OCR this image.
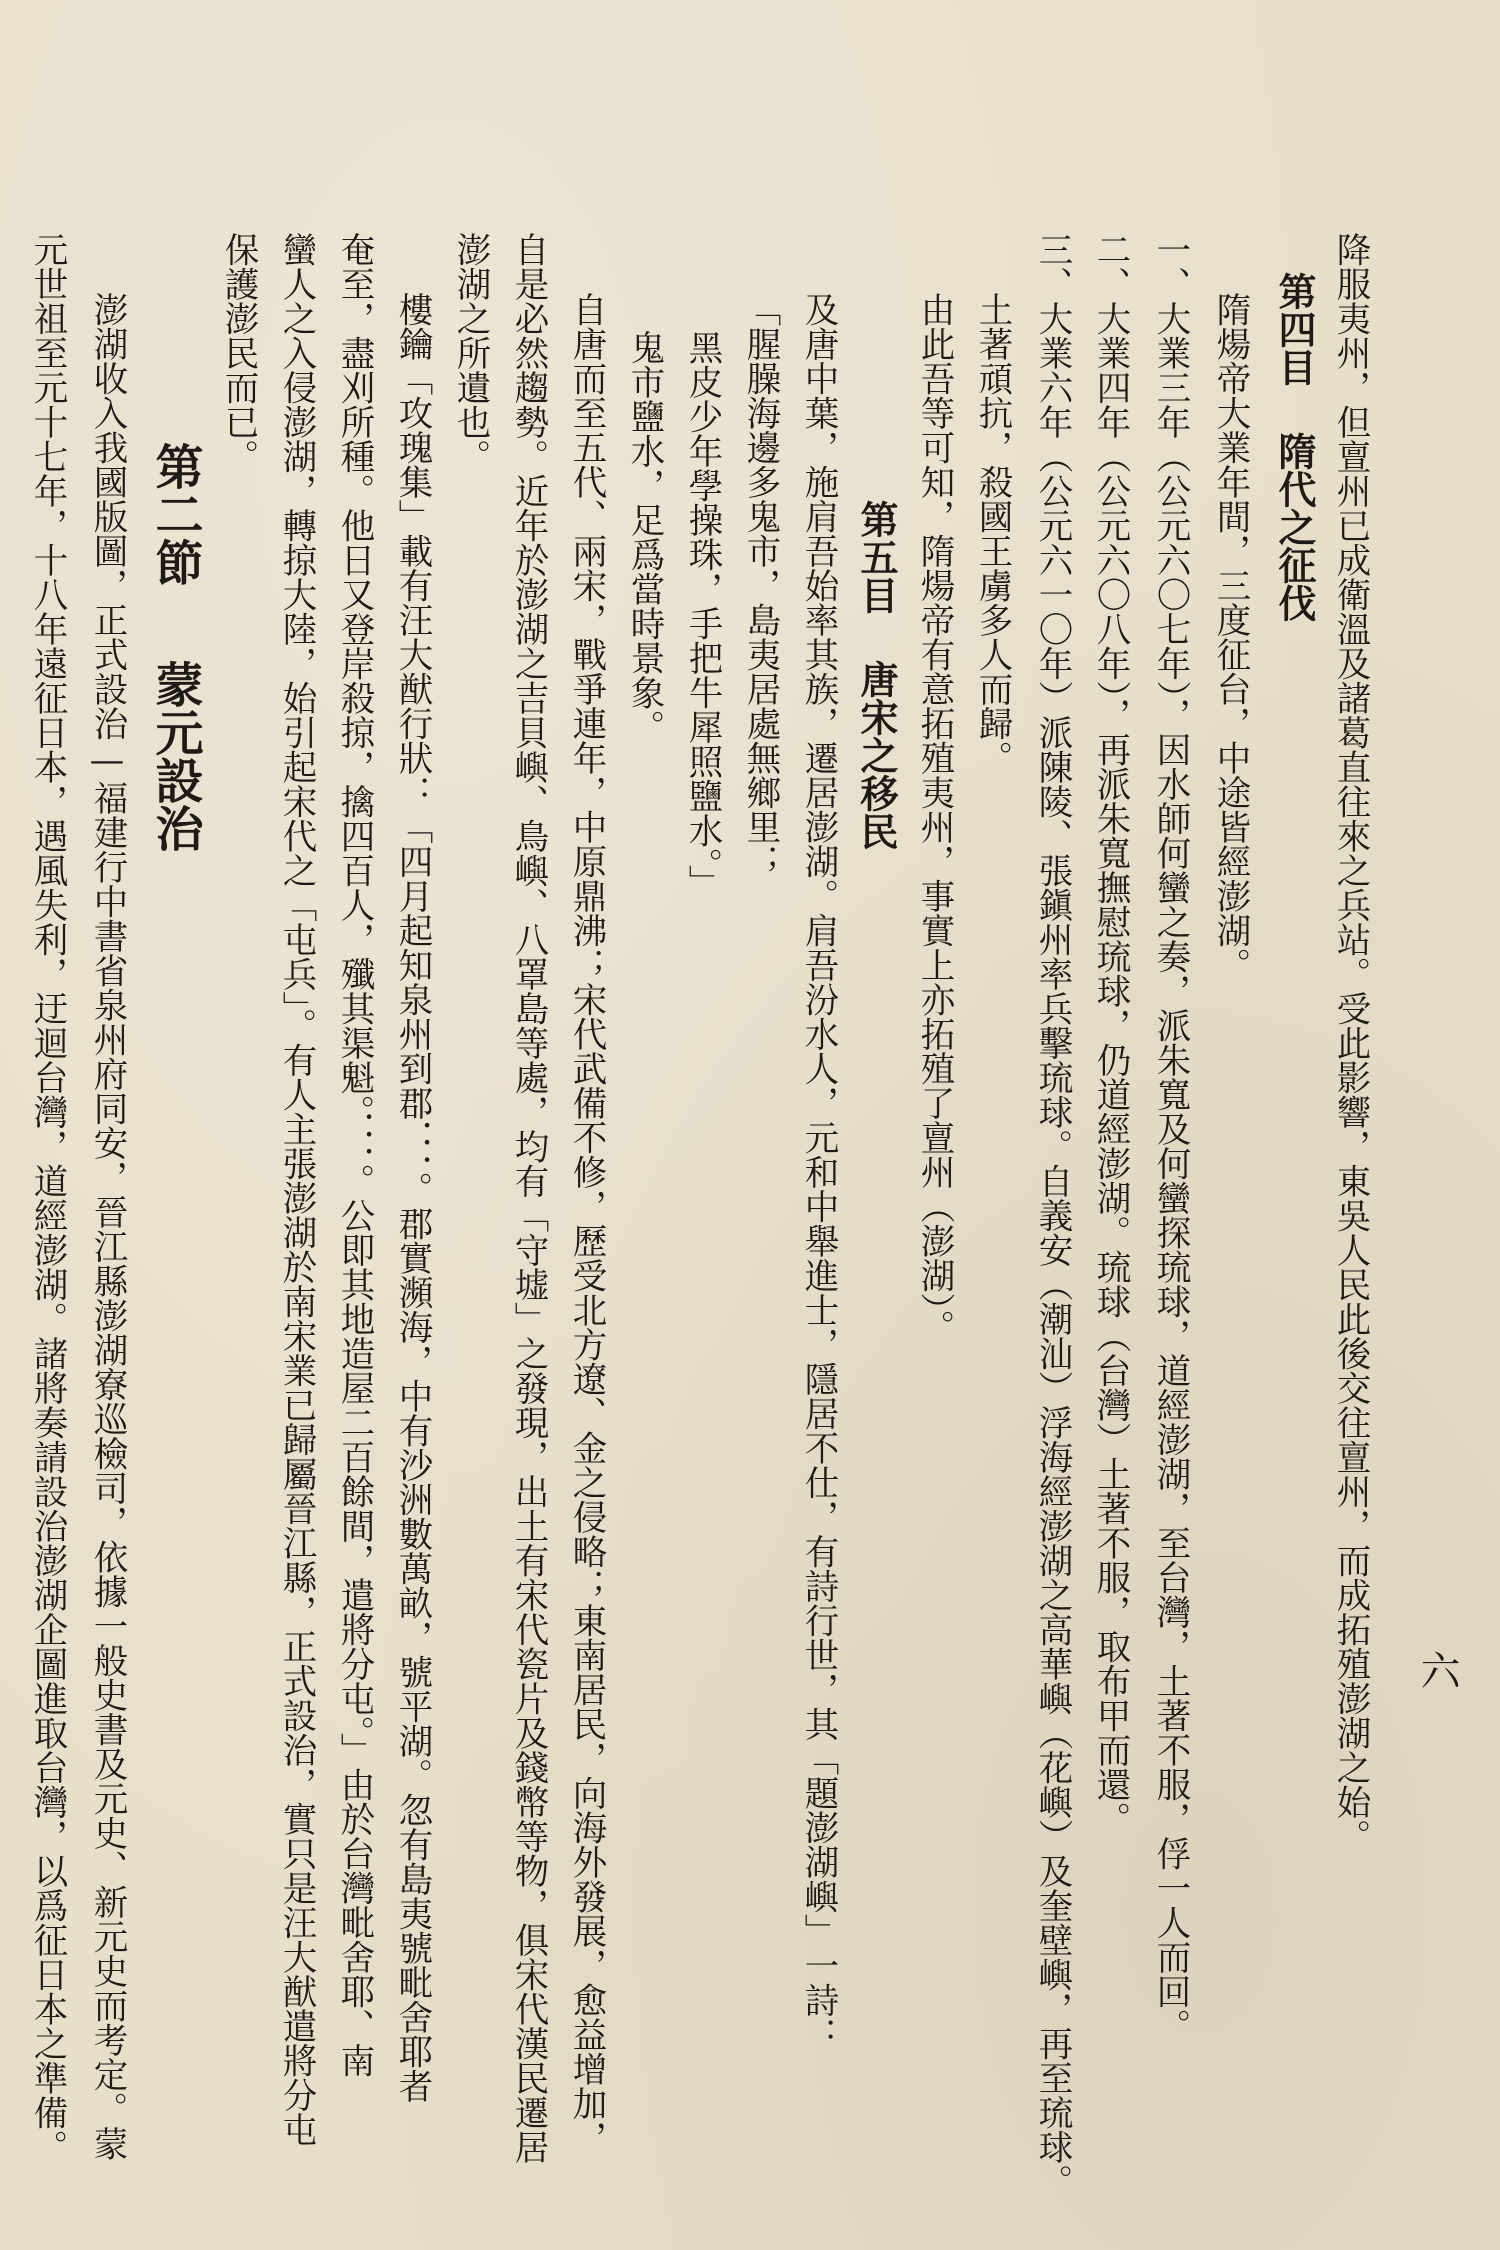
六
降服夷州，但亶州已成衛溫及諸葛直往來之兵站。受此影響，東吳人民此後交往亶州，而成拓殖澎湖之始。
第四目
隋代之征伐
隋煬帝大業年間，三度征台，中途皆經澎湖。
一、大業三年（公元六〇七年），因水師何蠻之奏，派朱寬及何蠻探琉球，道經澎湖，至台灣，土著不服，俘一人而回。
二、大業四年（公元六〇八年），再派朱寬撫慰琉球，仍道經澎湖。琉球（台灣）土著不服，取布甲而還。
三、大業六年（公元六一〇年）派陳陵、張鎭州率兵擊琉球。自義安（潮汕）浮海經澎湖之高華嶼（花嶼）及奎壁嶼，再至琉球。
土著頑抗，殺國王虜多人而歸。
由此吾等可知，隋煬帝有意拓殖夷州，事實上亦拓殖了亶州（澎湖）。
第五目
唐宋之移民
及唐中葉，施肩吾始率其族，遷居澎湖。肩吾汾水人，元和中舉進士，隱居不仕，有詩行世，其「題澎湖嶼」一詩：
「腥臊海邊多鬼市，島夷居處無鄉里；
黑皮少年學操珠，手把牛犀照鹽水。」
鬼市鹽水，足爲當時景象。
自唐而至五代、兩宋，戰爭連年，中原鼎沸；宋代武備不修，歷受北方遼、金之侵略；東南居民，向海外發展，愈益增加，
自是必然趨勢。近年於澎湖之吉貝嶼、鳥嶼、八罩島等處，均有「守墟」之發現，出土有宋代瓷片及錢幣等物，俱宋代漢民遷居
澎湖之所遺也。
樓鑰「攻瑰集」載有汪大猷行狀：「四月起知泉州到郡．．．。郡實瀕海，中有沙洲數萬畝，號平湖。忽有島夷號毗舍耶者
奄至，盡刈所種。他日又登岸殺掠，擒四百人，殲其渠魁。．．．。公即其地造屋二百餘間，遣將分屯。」由於台灣毗舍耶、南
蠻人之入侵澎湖，轉掠大陸，始引起宋代之「屯兵」。有人主張澎湖於南宋業已歸屬晉江縣，正式設治，實只是汪大猷遣將分屯
保護澎民而已。
第二節
蒙元設治
澎湖收入我國版圖，正式設治—福建行中書省泉州府同安，晉江縣澎湖寮巡檢司，依據一般史書及元史、新元史而考定。蒙
元世祖至元十七年，十八年遠征日本，遇風失利，迂迴台灣，道經澎湖。諸將奏請設治澎湖企圖進取台灣，以爲征日本之準備。
